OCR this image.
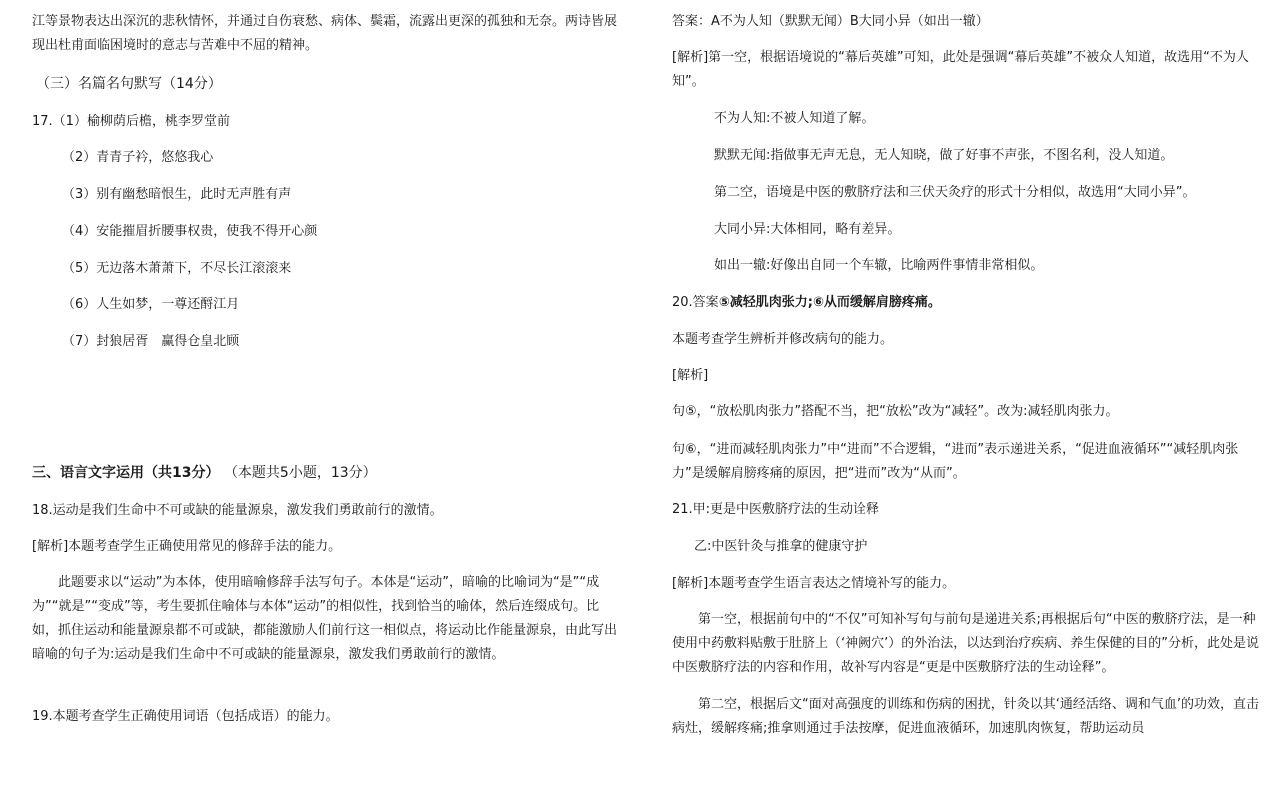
江等景物表达出深沉的悲秋情怀，并通过自伤衰愁、病体、鬓霜，流露出更深的孤独和无奈。两诗皆展现出杜甫面临困境时的意志与苦难中不屈的精神。

（三）名篇名句默写（14分）

17.（1）榆柳荫后檐，桃李罗堂前

（2）青青子衿，悠悠我心

（3）别有幽愁暗恨生，此时无声胜有声

（4）安能摧眉折腰事权贵，使我不得开心颜

（5）无边落木萧萧下，不尽长江滚滚来

（6）人生如梦，一尊还酹江月

（7）封狼居胥　赢得仓皇北顾

三、语言文字运用（共13分） （本题共5小题，13分）

18.运动是我们生命中不可或缺的能量源泉，激发我们勇敢前行的激情。

[解析]本题考查学生正确使用常见的修辞手法的能力。

此题要求以“运动”为本体，使用暗喻修辞手法写句子。本体是“运动”，暗喻的比喻词为“是”“成为”“就是”“变成”等，考生要抓住喻体与本体“运动”的相似性，找到恰当的喻体，然后连缀成句。比如，抓住运动和能量源泉都不可或缺，都能激励人们前行这一相似点，将运动比作能量源泉，由此写出暗喻的句子为:运动是我们生命中不可或缺的能量源泉，激发我们勇敢前行的激情。

19.本题考查学生正确使用词语（包括成语）的能力。

答案：A不为人知（默默无闻）B大同小异（如出一辙）

[解析]第一空，根据语境说的“幕后英雄”可知，此处是强调“幕后英雄”不被众人知道，故选用“不为人知”。

不为人知:不被人知道了解。

默默无闻:指做事无声无息，无人知晓，做了好事不声张，不图名利，没人知道。

第二空，语境是中医的敷脐疗法和三伏天灸疗的形式十分相似，故选用“大同小异”。

大同小异:大体相同，略有差异。

如出一辙:好像出自同一个车辙，比喻两件事情非常相似。

20.答案⑤减轻肌肉张力;⑥从而缓解肩膀疼痛。

本题考查学生辨析并修改病句的能力。

[解析]

句⑤，“放松肌肉张力”搭配不当，把“放松”改为“减轻”。改为:减轻肌肉张力。

句⑥，“进而减轻肌肉张力”中“进而”不合逻辑，“进而”表示递进关系，“促进血液循环”“减轻肌肉张力”是缓解肩膀疼痛的原因，把“进而”改为“从而”。

21.甲:更是中医敷脐疗法的生动诠释

乙:中医针灸与推拿的健康守护

[解析]本题考查学生语言表达之情境补写的能力。

第一空，根据前句中的“不仅”可知补写句与前句是递进关系;再根据后句“中医的敷脐疗法，是一种使用中药敷料贴敷于肚脐上（‘神阙穴’）的外治法，以达到治疗疾病、养生保健的目的”分析，此处是说中医敷脐疗法的内容和作用，故补写内容是“更是中医敷脐疗法的生动诠释”。

第二空，根据后文“面对高强度的训练和伤病的困扰，针灸以其‘通经活络、调和气血’的功效，直击病灶，缓解疼痛;推拿则通过手法按摩，促进血液循环，加速肌肉恢复，帮助运动员
